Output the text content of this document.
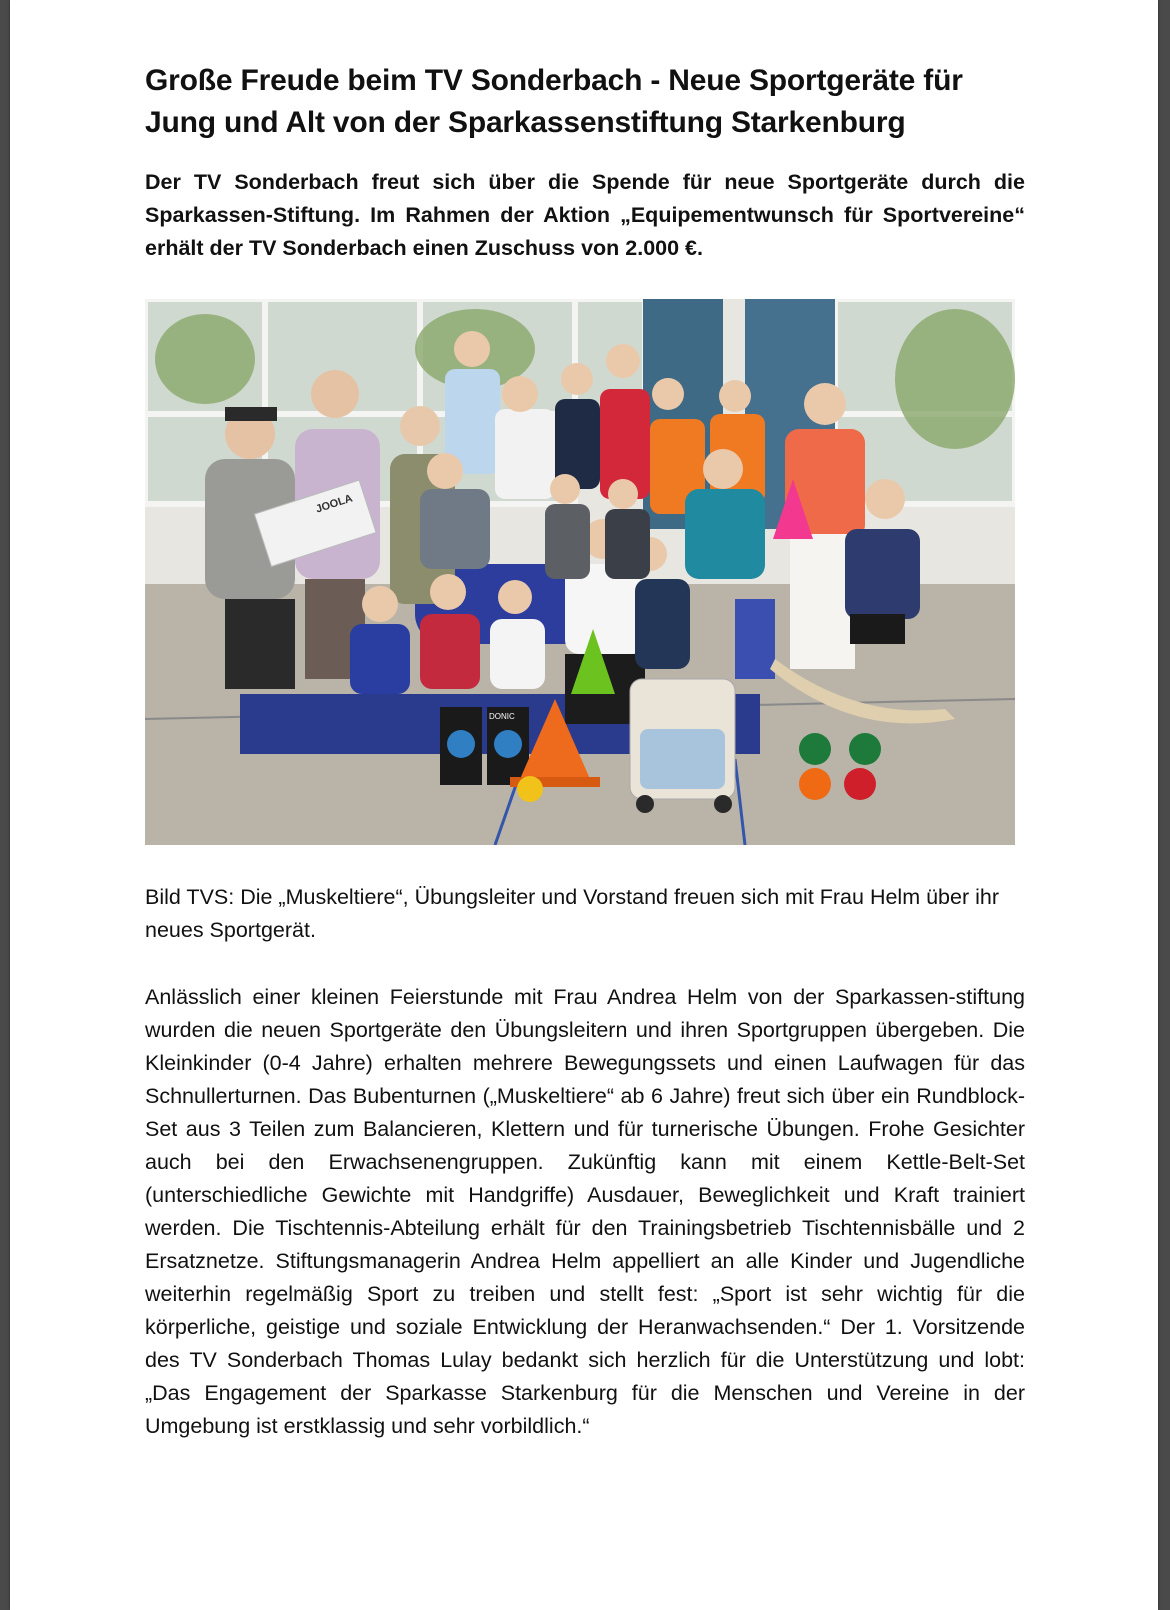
Große Freude beim TV Sonderbach - Neue Sportgeräte für Jung und Alt von der Sparkassenstiftung Starkenburg

Der TV Sonderbach freut sich über die Spende für neue Sportgeräte durch die Sparkassen-Stiftung. Im Rahmen der Aktion „Equipementwunsch für Sportvereine“ erhält der TV Sonderbach einen Zuschuss von 2.000 €.

JOOLA
DONIC

Bild TVS: Die „Muskeltiere“, Übungsleiter und Vorstand freuen sich mit Frau Helm über ihr neues Sportgerät.

Anlässlich einer kleinen Feierstunde mit Frau Andrea Helm von der Sparkassen-stiftung wurden die neuen Sportgeräte den Übungsleitern und ihren Sportgruppen übergeben. Die Kleinkinder (0-4 Jahre) erhalten mehrere Bewegungssets und einen Laufwagen für das Schnullerturnen. Das Bubenturnen („Muskeltiere“ ab 6 Jahre) freut sich über ein Rundblock-Set aus 3 Teilen zum Balancieren, Klettern und für turnerische Übungen. Frohe Gesichter auch bei den Erwachsenengruppen. Zukünftig kann mit einem Kettle-Belt-Set (unterschiedliche Gewichte mit Handgriffe) Ausdauer, Beweglichkeit und Kraft trainiert werden. Die Tischtennis-Abteilung erhält für den Trainingsbetrieb Tischtennisbälle und 2 Ersatznetze. Stiftungsmanagerin Andrea Helm appelliert an alle Kinder und Jugendliche weiterhin regelmäßig Sport zu treiben und stellt fest: „Sport ist sehr wichtig für die körperliche, geistige und soziale Entwicklung der Heranwachsenden.“ Der 1. Vorsitzende des TV Sonderbach Thomas Lulay bedankt sich herzlich für die Unterstützung und lobt: „Das Engagement der Sparkasse Starkenburg für die Menschen und Vereine in der Umgebung ist erstklassig und sehr vorbildlich.“
